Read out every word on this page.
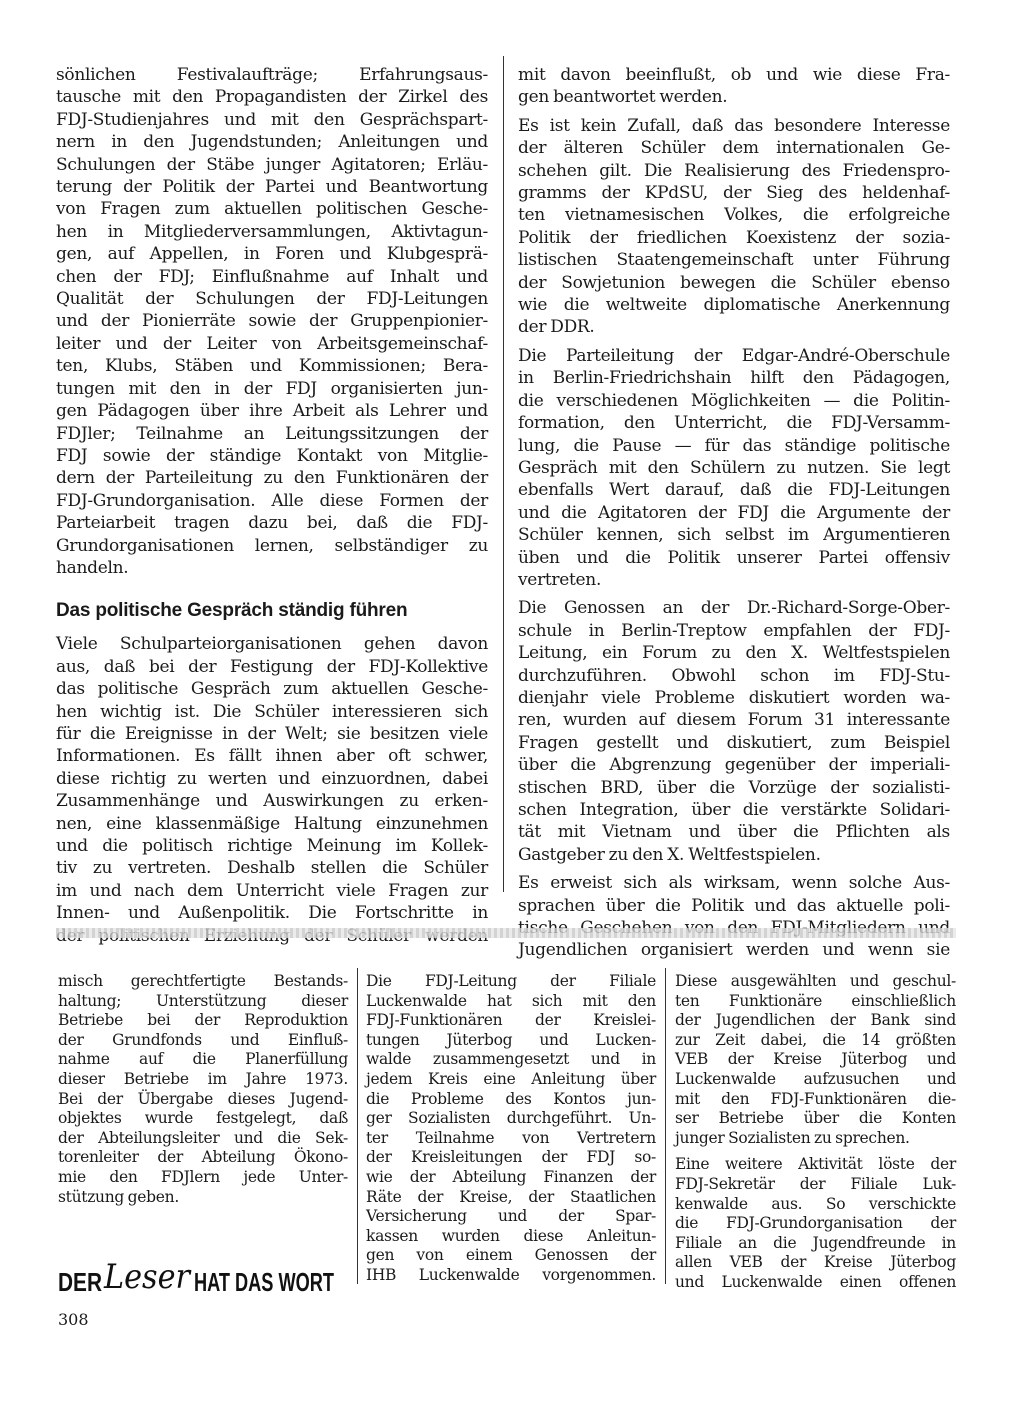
sönlichen Festivalaufträge; Erfahrungsaus-

tausche mit den Propagandisten der Zirkel des

FDJ-Studienjahres und mit den Gesprächspart-

nern in den Jugendstunden; Anleitungen und

Schulungen der Stäbe junger Agitatoren; Erläu-

terung der Politik der Partei und Beantwortung

von Fragen zum aktuellen politischen Gesche-

hen in Mitgliederversammlungen, Aktivtagun-

gen, auf Appellen, in Foren und Klubgesprä-

chen der FDJ; Einflußnahme auf Inhalt und

Qualität der Schulungen der FDJ-Leitungen

und der Pionierräte sowie der Gruppenpionier-

leiter und der Leiter von Arbeitsgemeinschaf-

ten, Klubs, Stäben und Kommissionen; Bera-

tungen mit den in der FDJ organisierten jun-

gen Pädagogen über ihre Arbeit als Lehrer und

FDJler; Teilnahme an Leitungssitzungen der

FDJ sowie der ständige Kontakt von Mitglie-

dern der Parteileitung zu den Funktionären der

FDJ-Grundorganisation. Alle diese Formen der

Parteiarbeit tragen dazu bei, daß die FDJ-

Grundorganisationen lernen, selbständiger zu

handeln.

Das politische Gespräch ständig führen

Viele Schulparteiorganisationen gehen davon

aus, daß bei der Festigung der FDJ-Kollektive

das politische Gespräch zum aktuellen Gesche-

hen wichtig ist. Die Schüler interessieren sich

für die Ereignisse in der Welt; sie besitzen viele

Informationen. Es fällt ihnen aber oft schwer,

diese richtig zu werten und einzuordnen, dabei

Zusammenhänge und Auswirkungen zu erken-

nen, eine klassenmäßige Haltung einzunehmen

und die politisch richtige Meinung im Kollek-

tiv zu vertreten. Deshalb stellen die Schüler

im und nach dem Unterricht viele Fragen zur

Innen- und Außenpolitik. Die Fortschritte in

mit davon beeinflußt, ob und wie diese Fra-

gen beantwortet werden.

Es ist kein Zufall, daß das besondere Interesse

der älteren Schüler dem internationalen Ge-

schehen gilt. Die Realisierung des Friedenspro-

gramms der KPdSU, der Sieg des heldenhaf-

ten vietnamesischen Volkes, die erfolgreiche

Politik der friedlichen Koexistenz der sozia-

listischen Staatengemeinschaft unter Führung

der Sowjetunion bewegen die Schüler ebenso

wie die weltweite diplomatische Anerkennung

der DDR.

Die Parteileitung der Edgar-André-Oberschule

in Berlin-Friedrichshain hilft den Pädagogen,

die verschiedenen Möglichkeiten — die Politin-

formation, den Unterricht, die FDJ-Versamm-

lung, die Pause — für das ständige politische

Gespräch mit den Schülern zu nutzen. Sie legt

ebenfalls Wert darauf, daß die FDJ-Leitungen

und die Agitatoren der FDJ die Argumente der

Schüler kennen, sich selbst im Argumentieren

üben und die Politik unserer Partei offensiv

vertreten.

Die Genossen an der Dr.-Richard-Sorge-Ober-

schule in Berlin-Treptow empfahlen der FDJ-

Leitung, ein Forum zu den X. Weltfestspielen

durchzuführen. Obwohl schon im FDJ-Stu-

dienjahr viele Probleme diskutiert worden wa-

ren, wurden auf diesem Forum 31 interessante

Fragen gestellt und diskutiert, zum Beispiel

über die Abgrenzung gegenüber der imperiali-

stischen BRD, über die Vorzüge der sozialisti-

schen Integration, über die verstärkte Solidari-

tät mit Vietnam und über die Pflichten als

Gastgeber zu den X. Weltfestspielen.

Es erweist sich als wirksam, wenn solche Aus-

sprachen über die Politik und das aktuelle poli-

Jugendlichen organisiert werden und wenn sie

misch gerechtfertigte Bestands-

haltung; Unterstützung dieser

Betriebe bei der Reproduktion

der Grundfonds und Einfluß-

nahme auf die Planerfüllung

dieser Betriebe im Jahre 1973.

Bei der Übergabe dieses Jugend-

objektes wurde festgelegt, daß

der Abteilungsleiter und die Sek-

torenleiter der Abteilung Ökono-

mie den FDJlern jede Unter-

stützung geben.

Die FDJ-Leitung der Filiale

Luckenwalde hat sich mit den

FDJ-Funktionären der Kreislei-

tungen Jüterbog und Lucken-

walde zusammengesetzt und in

jedem Kreis eine Anleitung über

die Probleme des Kontos jun-

ger Sozialisten durchgeführt. Un-

ter Teilnahme von Vertretern

der Kreisleitungen der FDJ so-

wie der Abteilung Finanzen der

Räte der Kreise, der Staatlichen

Versicherung und der Spar-

kassen wurden diese Anleitun-

gen von einem Genossen der

IHB Luckenwalde vorgenommen.

Diese ausgewählten und geschul-

ten Funktionäre einschließlich

der Jugendlichen der Bank sind

zur Zeit dabei, die 14 größten

VEB der Kreise Jüterbog und

Luckenwalde aufzusuchen und

mit den FDJ-Funktionären die-

ser Betriebe über die Konten

junger Sozialisten zu sprechen.

Eine weitere Aktivität löste der

FDJ-Sekretär der Filiale Luk-

kenwalde aus. So verschickte

die FDJ-Grundorganisation der

Filiale an die Jugendfreunde in

allen VEB der Kreise Jüterbog

und Luckenwalde einen offenen

DER Leser HAT DAS WORT
308
